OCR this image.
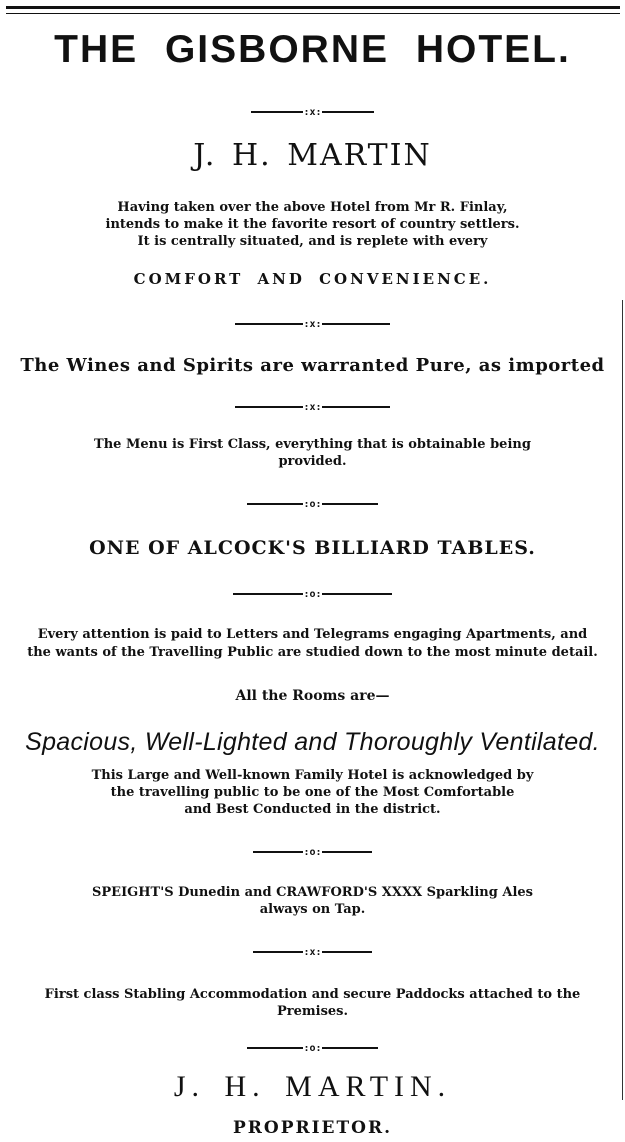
THE GISBORNE HOTEL.
:x:
J. H. MARTIN
Having taken over the above Hotel from Mr R. Finlay,
intends to make it the favorite resort of country settlers.
It is centrally situated, and is replete with every
COMFORT AND CONVENIENCE.
:x:
The Wines and Spirits are warranted Pure, as imported
:x:
The Menu is First Class, everything that is obtainable being
provided.
:o:
ONE OF ALCOCK'S BILLIARD TABLES.
:o:
Every attention is paid to Letters and Telegrams engaging Apartments, and
the wants of the Travelling Public are studied down to the most minute detail.
All the Rooms are—
Spacious, Well-Lighted and Thoroughly Ventilated.
This Large and Well-known Family Hotel is acknowledged by
the travelling public to be one of the Most Comfortable
and Best Conducted in the district.
:o:
SPEIGHT'S Dunedin and CRAWFORD'S XXXX Sparkling Ales
always on Tap.
:x:
First class Stabling Accommodation and secure Paddocks attached to the
Premises.
:o:
J. H. MARTIN.
PROPRIETOR.
